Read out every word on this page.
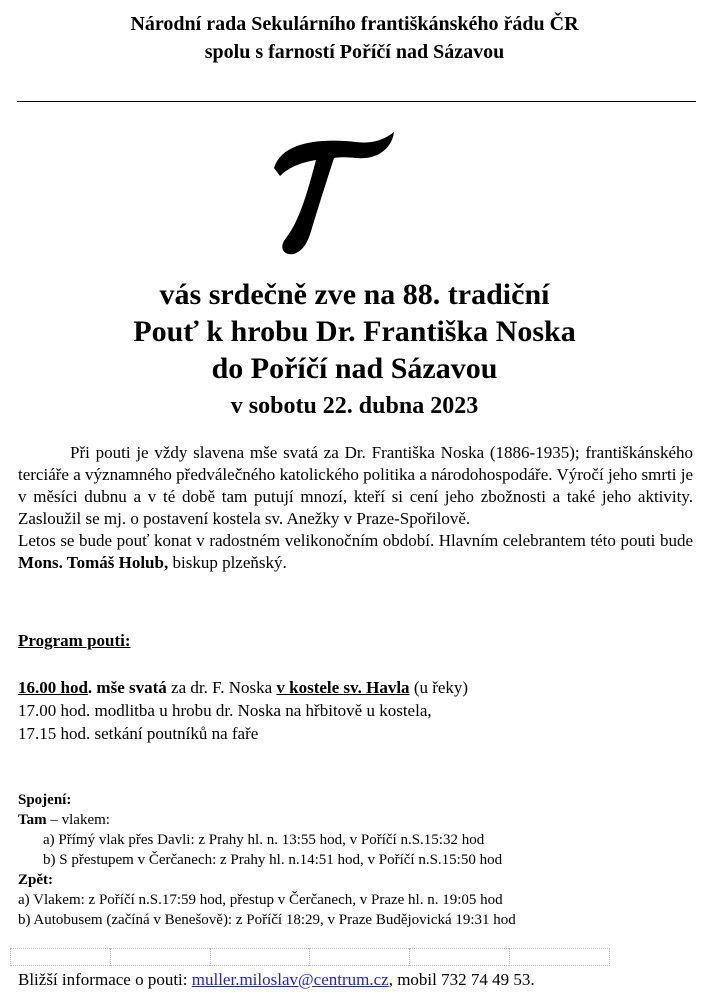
Národní rada Sekulárního františkánského řádu ČR
spolu s farností Poříčí nad Sázavou
vás srdečně zve na 88. tradiční
Pouť k hrobu Dr. Františka Noska
do Poříčí nad Sázavou
v sobotu 22. dubna 2023

Při pouti je vždy slavena mše svatá za Dr. Františka Noska (1886-1935); františkánského terciáře a významného předválečného katolického politika a národohospodáře. Výročí jeho smrti je v měsíci dubnu a v té době tam putují mnozí, kteří si cení jeho zbožnosti a také jeho aktivity. Zasloužil se mj. o postavení kostela sv. Anežky v Praze-Spořilově.

Letos se bude pouť konat v radostném velikonočním období. Hlavním celebrantem této pouti bude Mons. Tomáš Holub, biskup plzeňský.

Program pouti:
16.00 hod. mše svatá za dr. F. Noska v kostele sv. Havla (u řeky)
17.00 hod. modlitba u hrobu dr. Noska na hřbitově u kostela,
17.15 hod. setkání poutníků na faře
Spojení:
Tam – vlakem:
a) Přímý vlak přes Davli: z Prahy hl. n. 13:55 hod, v Poříčí n.S.15:32 hod
b) S přestupem v Čerčanech: z Prahy hl. n.14:51 hod, v Poříčí n.S.15:50 hod
Zpět:
a) Vlakem: z Poříčí n.S.17:59 hod, přestup v Čerčanech, v Praze hl. n. 19:05 hod
b) Autobusem (začíná v Benešově): z Poříčí 18:29, v Praze Budějovická 19:31 hod
Bližší informace o pouti: muller.miloslav@centrum.cz, mobil 732 74 49 53.
